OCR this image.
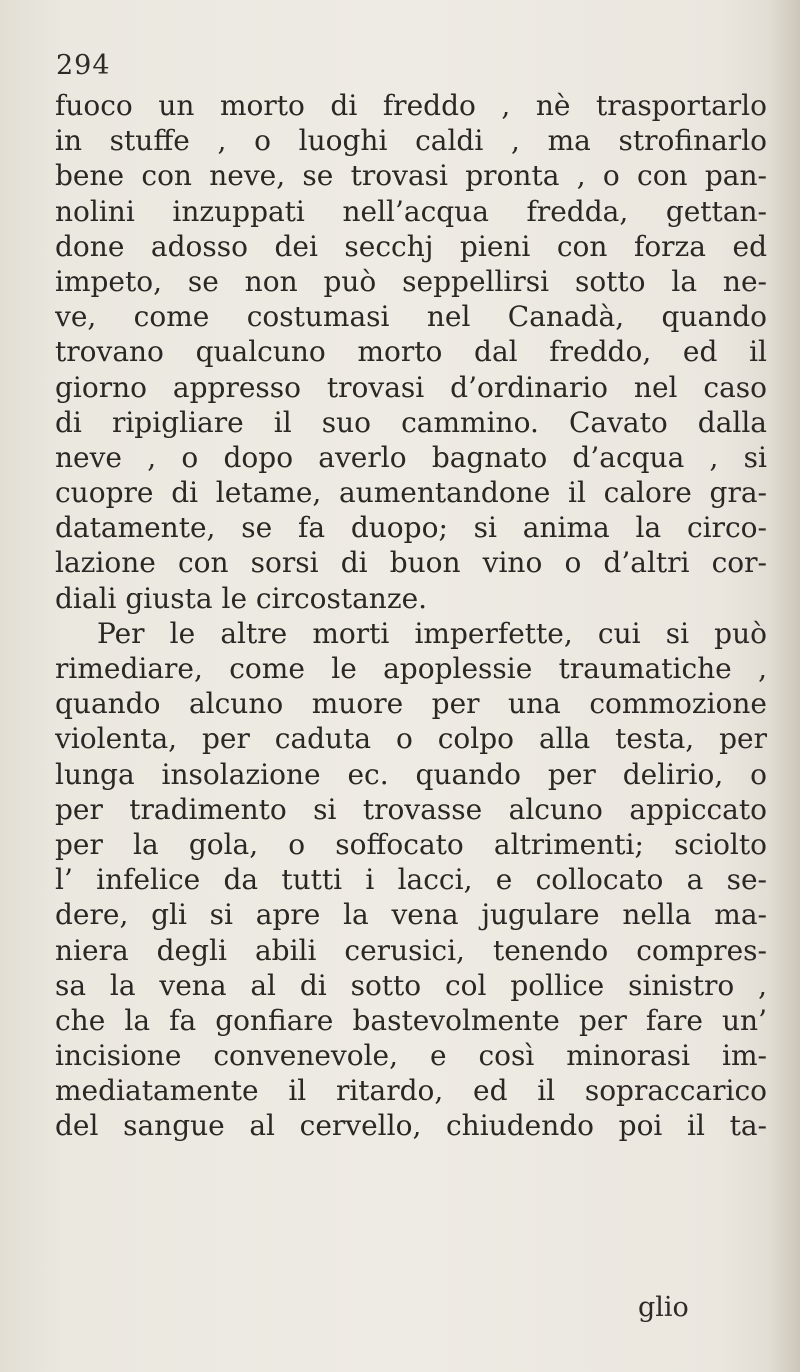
294
fuoco un morto di freddo , nè trasportarlo
in stuffe , o luoghi caldi , ma strofinarlo
bene con neve, se trovasi pronta , o con pan-
nolini inzuppati nell’acqua fredda, gettan-
done adosso dei secchj pieni con forza ed
impeto, se non può seppellirsi sotto la ne-
ve, come costumasi nel Canadà, quando
trovano qualcuno morto dal freddo, ed il
giorno appresso trovasi d’ordinario nel caso
di ripigliare il suo cammino. Cavato dalla
neve , o dopo averlo bagnato d’acqua , si
cuopre di letame, aumentandone il calore gra-
datamente, se fa duopo; si anima la circo-
lazione con sorsi di buon vino o d’altri cor-
diali giusta le circostanze.
Per le altre morti imperfette, cui si può
rimediare, come le apoplessie traumatiche ,
quando alcuno muore per una commozione
violenta, per caduta o colpo alla testa, per
lunga insolazione ec. quando per delirio, o
per tradimento si trovasse alcuno appiccato
per la gola, o soffocato altrimenti; sciolto
l’ infelice da tutti i lacci, e collocato a se-
dere, gli si apre la vena jugulare nella ma-
niera degli abili cerusici, tenendo compres-
sa la vena al di sotto col pollice sinistro ,
che la fa gonfiare bastevolmente per fare un’
incisione convenevole, e così minorasi im-
mediatamente il ritardo, ed il sopraccarico
del sangue al cervello, chiudendo poi il ta-
glio
